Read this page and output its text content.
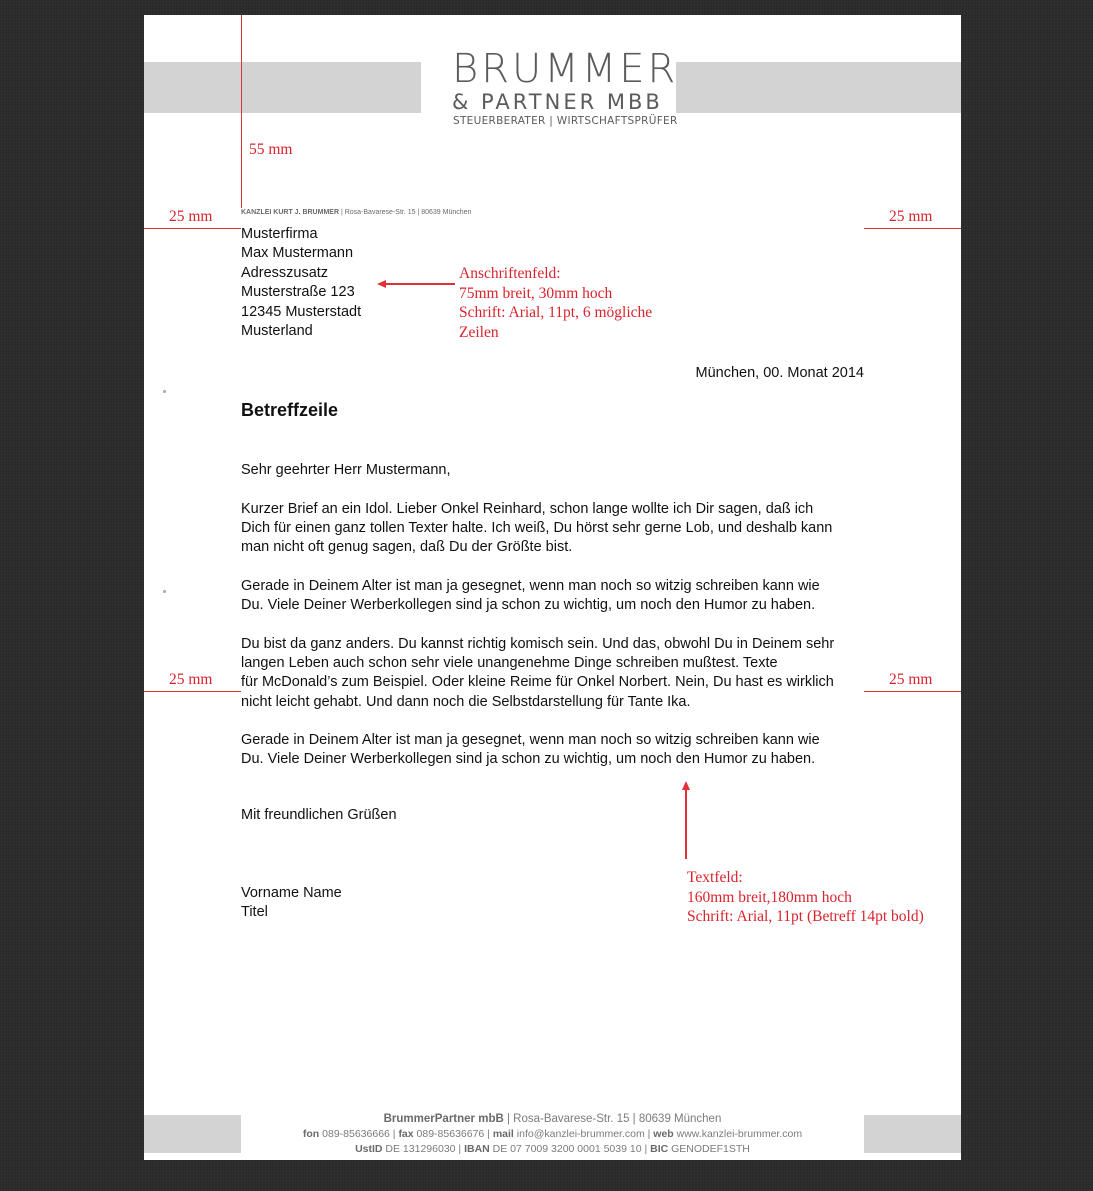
BRUMMER
& PARTNER MBB
STEUERBERATER | WIRTSCHAFTSPRÜFER
55 mm
25 mm	25 mm
KANZLEI KURT J. BRUMMER | Rosa-Bavarese-Str. 15 | 80639 München
Musterfirma
Max Mustermann
Adresszusatz
Musterstraße 123
12345 Musterstadt
Musterland
Anschriftenfeld:
75mm breit, 30mm hoch
Schrift: Arial, 11pt, 6 mögliche
Zeilen
München, 00. Monat 2014
Betreffzeile

Sehr geehrter Herr Mustermann,

Kurzer Brief an ein Idol. Lieber Onkel Reinhard, schon lange wollte ich Dir sagen, daß ich
Dich für einen ganz tollen Texter halte. Ich weiß, Du hörst sehr gerne Lob, und deshalb kann
man nicht oft genug sagen, daß Du der Größte bist.

Gerade in Deinem Alter ist man ja gesegnet, wenn man noch so witzig schreiben kann wie
Du. Viele Deiner Werberkollegen sind ja schon zu wichtig, um noch den Humor zu haben.

Du bist da ganz anders. Du kannst richtig komisch sein. Und das, obwohl Du in Deinem sehr
langen Leben auch schon sehr viele unangenehme Dinge schreiben mußtest. Texte
für McDonald’s zum Beispiel. Oder kleine Reime für Onkel Norbert. Nein, Du hast es wirklich
nicht leicht gehabt. Und dann noch die Selbstdarstellung für Tante Ika.

Gerade in Deinem Alter ist man ja gesegnet, wenn man noch so witzig schreiben kann wie
Du. Viele Deiner Werberkollegen sind ja schon zu wichtig, um noch den Humor zu haben.

25 mm	25 mm
Mit freundlichen Grüßen
Vorname Name
Titel
Textfeld:
160mm breit,180mm hoch
Schrift: Arial, 11pt (Betreff 14pt bold)
BrummerPartner mbB | Rosa-Bavarese-Str. 15 | 80639 München
fon 089-85636666 | fax 089-85636676 | mail info@kanzlei-brummer.com | web www.kanzlei-brummer.com
UstID DE 131296030 | IBAN DE 07 7009 3200 0001 5039 10 | BIC GENODEF1STH
